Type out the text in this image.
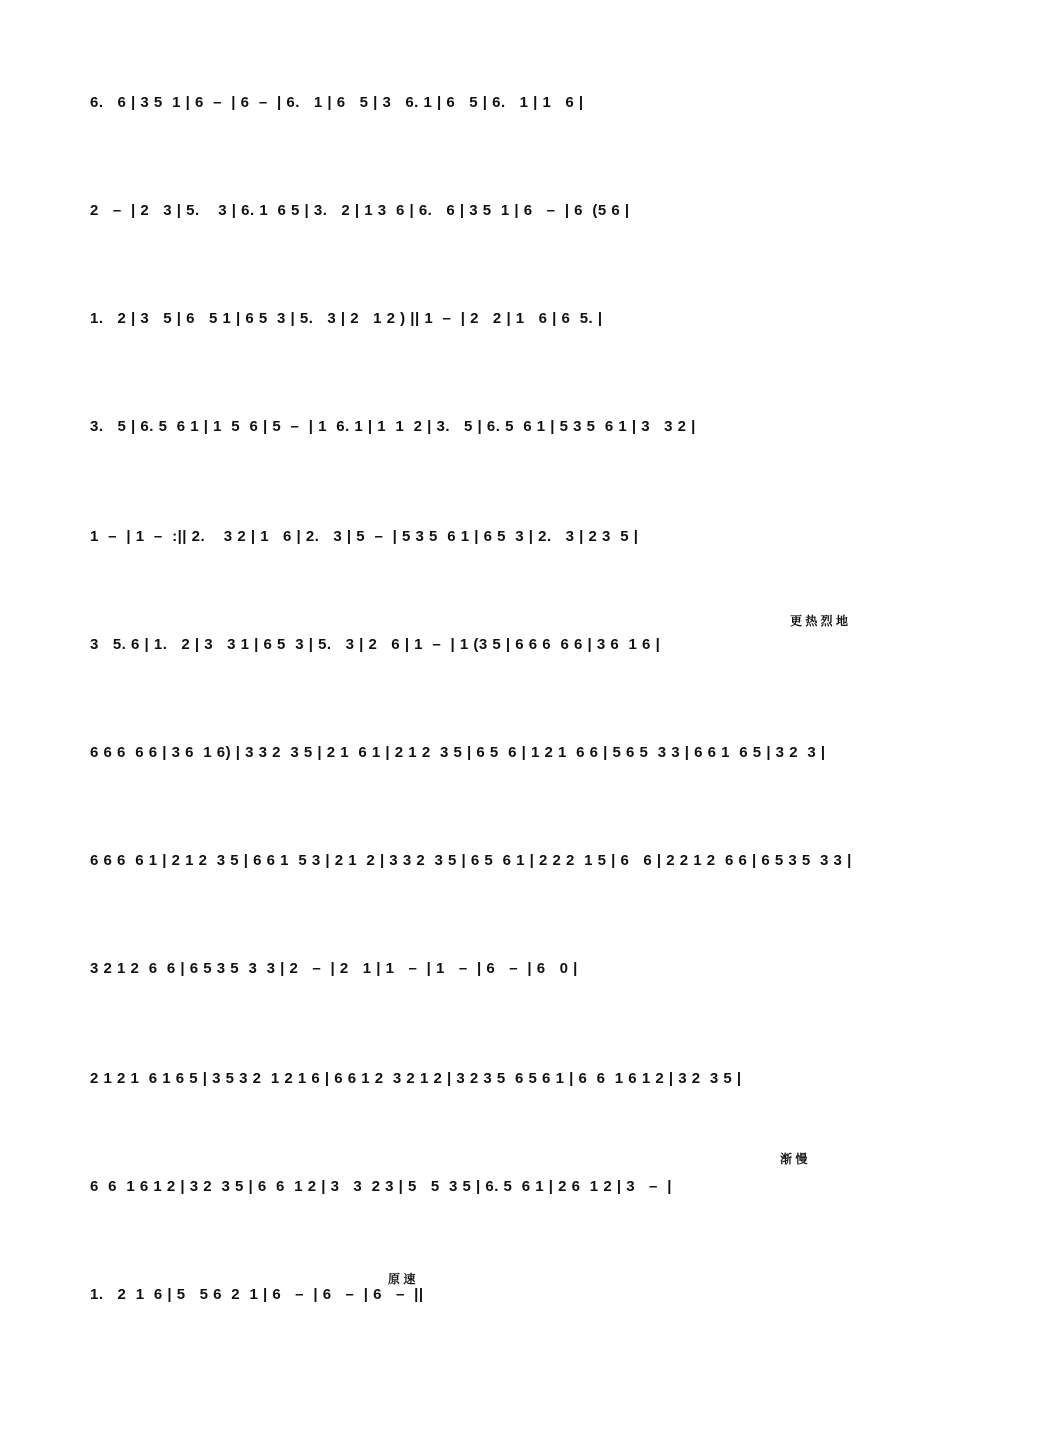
6.   6 | 3 5  1 | 6  –  | 6  –  | 6.   1 | 6   5 | 3   6. 1 | 6   5 | 6.   1 | 1   6 |
2   –  | 2   3 | 5.    3 | 6. 1  6 5 | 3.   2 | 1 3  6 | 6.   6 | 3 5  1 | 6   –  | 6  (5 6 |
1.   2 | 3   5 | 6   5 1 | 6 5  3 | 5.   3 | 2   1 2 ) || 1  –  | 2   2 | 1   6 | 6  5. |
3.   5 | 6. 5  6 1 | 1  5  6 | 5  –  | 1  6. 1 | 1  1  2 | 3.   5 | 6. 5  6 1 | 5 3 5  6 1 | 3   3 2 |
1  –  | 1  –  :|| 2.    3 2 | 1   6 | 2.   3 | 5  –  | 5 3 5  6 1 | 6 5  3 | 2.   3 | 2 3  5 |
更 热 烈 地
3   5. 6 | 1.   2 | 3   3 1 | 6 5  3 | 5.   3 | 2   6 | 1  –  | 1 (3 5 | 6 6 6  6 6 | 3 6  1 6 |
6 6 6  6 6 | 3 6  1 6) | 3 3 2  3 5 | 2 1  6 1 | 2 1 2  3 5 | 6 5  6 | 1 2 1  6 6 | 5 6 5  3 3 | 6 6 1  6 5 | 3 2  3 |
6 6 6  6 1 | 2 1 2  3 5 | 6 6 1  5 3 | 2 1  2 | 3 3 2  3 5 | 6 5  6 1 | 2 2 2  1 5 | 6   6 | 2 2 1 2  6 6 | 6 5 3 5  3 3 |
3 2 1 2  6  6 | 6 5 3 5  3  3 | 2   –  | 2   1 | 1   –  | 1   –  | 6   –  | 6   0 |
2 1 2 1  6 1 6 5 | 3 5 3 2  1 2 1 6 | 6 6 1 2  3 2 1 2 | 3 2 3 5  6 5 6 1 | 6  6  1 6 1 2 | 3 2  3 5 |
渐 慢
6  6  1 6 1 2 | 3 2  3 5 | 6  6  1 2 | 3   3  2 3 | 5   5  3 5 | 6. 5  6 1 | 2 6  1 2 | 3   –  |
原 速
1.   2  1  6 | 5   5 6  2  1 | 6   –  | 6   –  | 6   –  ||
